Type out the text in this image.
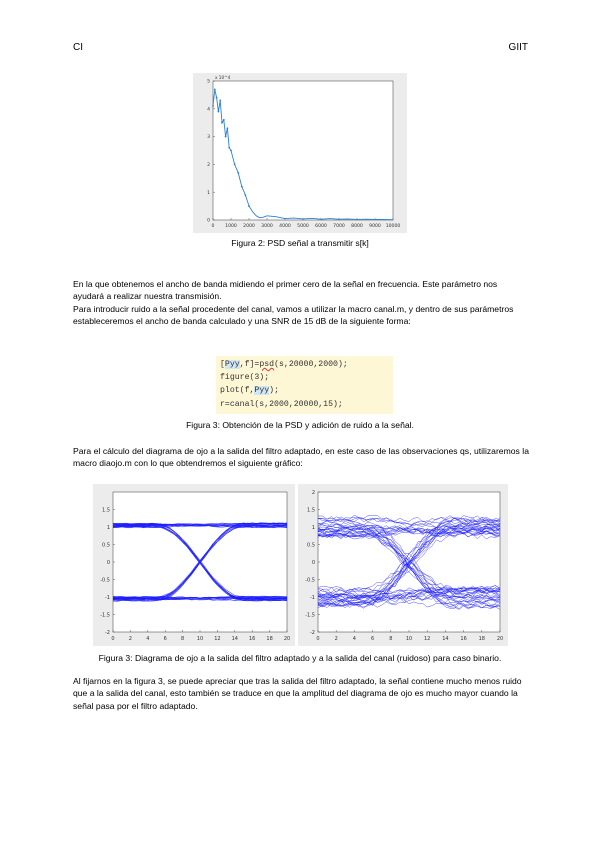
CI	GIIT
0 1000 2000 3000 4000 5000 6000 7000 8000 9000 10000
0
1
2
3
4
5
x 10^4
Figura 2: PSD señal a transmitir s[k]

En la que obtenemos el ancho de banda midiendo el primer cero de la señal en frecuencia. Este parámetro nos ayudará a realizar nuestra transmisión.

Para introducir ruido a la señal procedente del canal, vamos a utilizar la macro canal.m, y dentro de sus parámetros estableceremos el ancho de banda calculado y una SNR de 15 dB de la siguiente forma:

[Pyy,f]=psd(s,20000,2000);
figure(3);
plot(f,Pyy);
r=canal(s,2000,20000,15);
Figura 3: Obtención de la PSD y adición de ruido a la señal.
Para el cálculo del diagrama de ojo a la salida del filtro adaptado, en este caso de las observaciones qs, utilizaremos la macro diaojo.m con lo que obtendremos el siguiente gráfico:
0	2	4	6	8	10 12 14 16 18 20
1.5
1
0.5
0
-0.5
-1
-1.5
-2
0	2	4	6	8	10 12 14 16 18 20
2
1.5
1
0.5
0
-0.5
-1
-1.5
-2
Figura 3: Diagrama de ojo a la salida del filtro adaptado y a la salida del canal (ruidoso) para caso binario.
Al fijarnos en la figura 3, se puede apreciar que tras la salida del filtro adaptado, la señal contiene mucho menos ruido que a la salida del canal, esto también se traduce en que la amplitud del diagrama de ojo es mucho mayor cuando la señal pasa por el filtro adaptado.
